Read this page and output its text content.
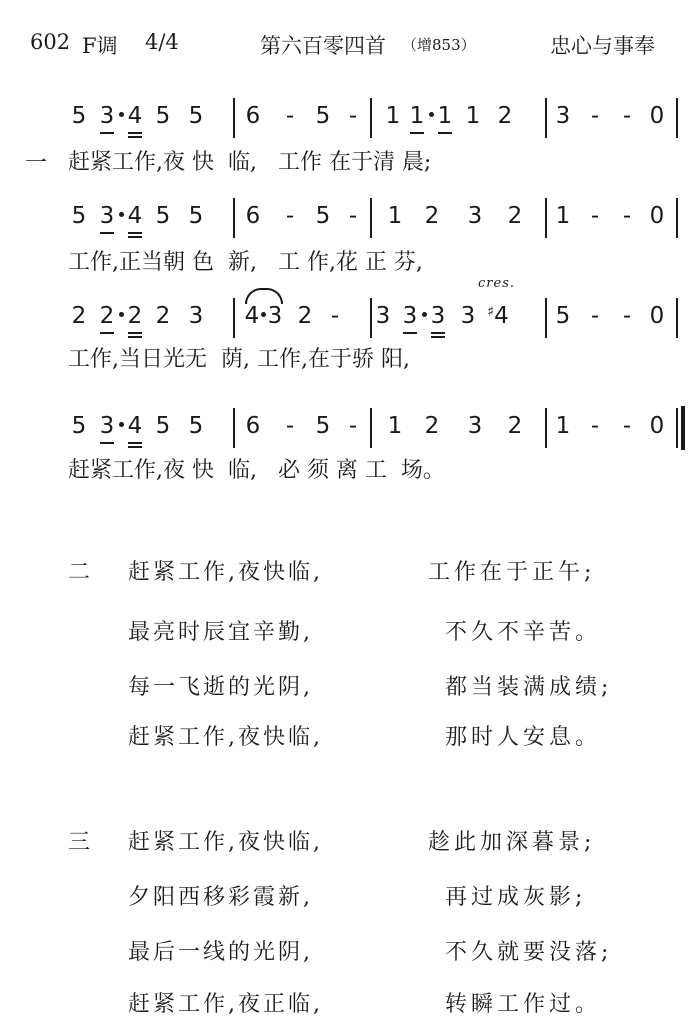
602 F调 4/4	第六百零四首 （增853）	忠心与事奉
一
5 3 4 5 5 6 - 5 - 1 1 1 1 2 3 - - 0
赶紧工作,夜 快  临,   工作 在于清 晨;
5 3 4 5 5 6 - 5 - 1 2 3 2 1 - - 0
工作,正当朝 色  新,   工 作,花 正 芬,
2 2 2 2 3 4 3 2 - 3 3 3 3 ♯4 5 - - 0
cres.
工作,当日光无  荫, 工作,在于骄 阳,
5 3 4 5 5 6 - 5 - 1 2 3 2 1 - - 0
赶紧工作,夜 快  临,   必 须 离 工  场。
二 赶紧工作,夜快临,	工作在于正午;
最亮时辰宜辛勤,	不久不辛苦。
每一飞逝的光阴,	都当装满成绩;
赶紧工作,夜快临,	那时人安息。
三 赶紧工作,夜快临,	趁此加深暮景;
夕阳西移彩霞新,	再过成灰影;
最后一线的光阴,	不久就要没落;
赶紧工作,夜正临,	转瞬工作过。
